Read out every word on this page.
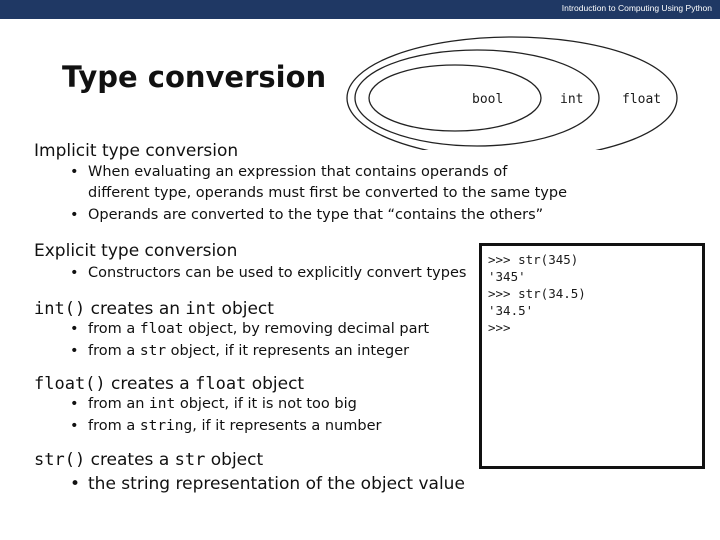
Introduction to Computing Using Python
Type conversion
bool	int	float
Implicit type conversion
• When evaluating an expression that contains operands of
different type, operands must first be converted to the same type
• Operands are converted to the type that “contains the others”
Explicit type conversion
• Constructors can be used to explicitly convert types
int() creates an int object
• from a float object, by removing decimal part
• from a str object, if it represents an integer
float() creates a float object
• from an int object, if it is not too big
• from a string, if it represents a number
str() creates a str object
• the string representation of the object value
>>> str(345)
'345'
>>> str(34.5)
'34.5'
>>>
